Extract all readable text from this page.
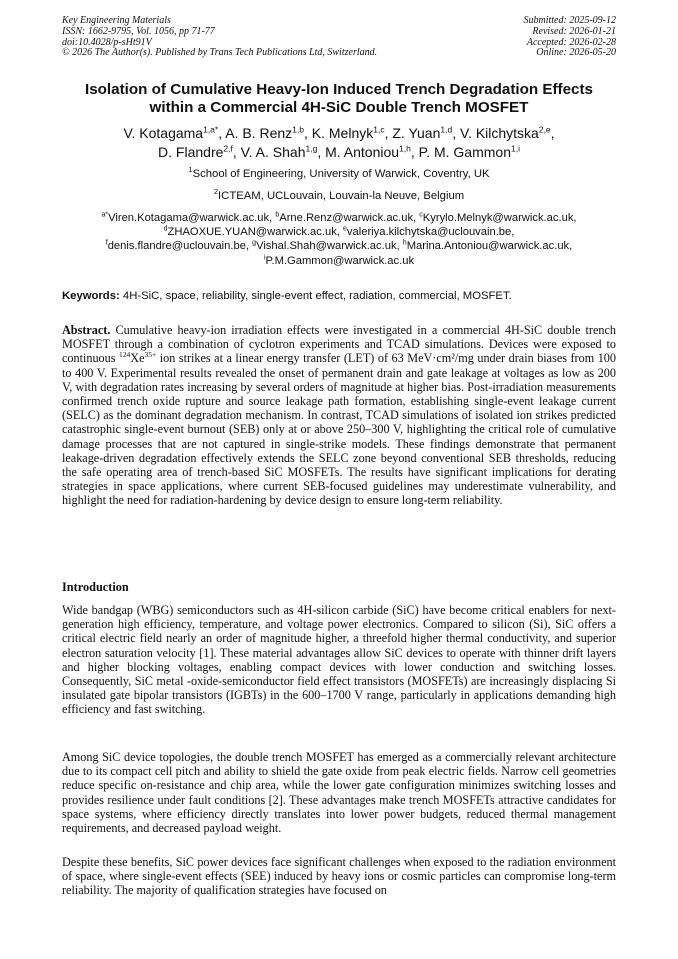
Key Engineering Materials
ISSN: 1662-9795, Vol. 1056, pp 71-77
doi:10.4028/p-sHt91V
© 2026 The Author(s). Published by Trans Tech Publications Ltd, Switzerland.
Submitted: 2025-09-12
Revised: 2026-01-21
Accepted: 2026-02-28
Online: 2026-05-20
Isolation of Cumulative Heavy-Ion Induced Trench Degradation Effects
within a Commercial 4H-SiC Double Trench MOSFET
V. Kotagama$^{1,a*}$, A. B. Renz$^{1,b}$, K. Melnyk$^{1,c}$, Z. Yuan$^{1,d}$, V. Kilchytska$^{2,e}$,
D. Flandre$^{2,f}$, V. A. Shah$^{1,g}$, M. Antoniou$^{1,h}$, P. M. Gammon$^{1,i}$
$^1$School of Engineering, University of Warwick, Coventry, UK
$^2$ICTEAM, UCLouvain, Louvain-la Neuve, Belgium
$^{a*}$Viren.Kotagama@warwick.ac.uk, $^b$Arne.Renz@warwick.ac.uk, $^c$Kyrylo.Melnyk@warwick.ac.uk,
$^d$ZHAOXUE.YUAN@warwick.ac.uk, $^e$valeriya.kilchytska@uclouvain.be,
$^f$denis.flandre@uclouvain.be, $^g$Vishal.Shah@warwick.ac.uk, $^h$Marina.Antoniou@warwick.ac.uk,
$^i$P.M.Gammon@warwick.ac.uk
Keywords: 4H-SiC, space, reliability, single-event effect, radiation, commercial, MOSFET.
Abstract. Cumulative heavy-ion irradiation effects were investigated in a commercial 4H-SiC double trench MOSFET through a combination of cyclotron experiments and TCAD simulations. Devices were exposed to continuous $^{124}Xe^{35+}$ ion strikes at a linear energy transfer (LET) of 63 MeV·cm²/mg under drain biases from 100 to 400 V. Experimental results revealed the onset of permanent drain and gate leakage at voltages as low as 200 V, with degradation rates increasing by several orders of magnitude at higher bias. Post-irradiation measurements confirmed trench oxide rupture and source leakage path formation, establishing single-event leakage current (SELC) as the dominant degradation mechanism. In contrast, TCAD simulations of isolated ion strikes predicted catastrophic single-event burnout (SEB) only at or above 250–300 V, highlighting the critical role of cumulative damage processes that are not captured in single-strike models. These findings demonstrate that permanent leakage-driven degradation effectively extends the SELC zone beyond conventional SEB thresholds, reducing the safe operating area of trench-based SiC MOSFETs. The results have significant implications for derating strategies in space applications, where current SEB-focused guidelines may underestimate vulnerability, and highlight the need for radiation-hardening by device design to ensure long-term reliability.
Introduction
Wide bandgap (WBG) semiconductors such as 4H-silicon carbide (SiC) have become critical enablers for next-generation high efficiency, temperature, and voltage power electronics. Compared to silicon (Si), SiC offers a critical electric field nearly an order of magnitude higher, a threefold higher thermal conductivity, and superior electron saturation velocity [1]. These material advantages allow SiC devices to operate with thinner drift layers and higher blocking voltages, enabling compact devices with lower conduction and switching losses. Consequently, SiC metal -oxide-semiconductor field effect transistors (MOSFETs) are increasingly displacing Si insulated gate bipolar transistors (IGBTs) in the 600–1700 V range, particularly in applications demanding high efficiency and fast switching.
Among SiC device topologies, the double trench MOSFET has emerged as a commercially relevant architecture due to its compact cell pitch and ability to shield the gate oxide from peak electric fields. Narrow cell geometries reduce specific on-resistance and chip area, while the lower gate configuration minimizes switching losses and provides resilience under fault conditions [2]. These advantages make trench MOSFETs attractive candidates for space systems, where efficiency directly translates into lower power budgets, reduced thermal management requirements, and decreased payload weight.
Despite these benefits, SiC power devices face significant challenges when exposed to the radiation environment of space, where single-event effects (SEE) induced by heavy ions or cosmic particles can compromise long-term reliability. The majority of qualification strategies have focused on
